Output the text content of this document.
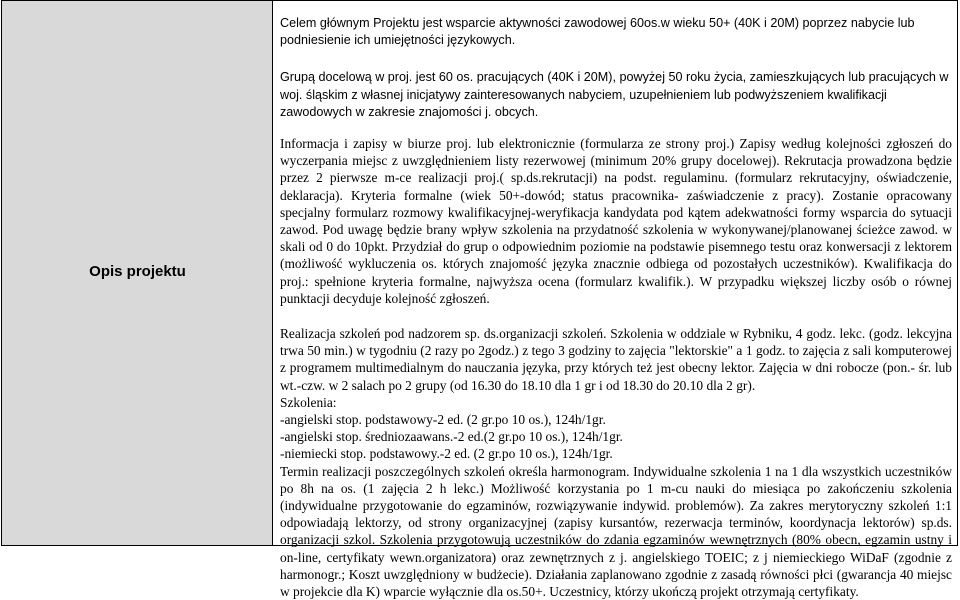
Opis projektu

Celem głównym Projektu jest wsparcie aktywności zawodowej 60os.w wieku 50+ (40K i 20M) poprzez nabycie lub podniesienie ich umiejętności językowych.

Grupą docelową w proj. jest 60 os. pracujących (40K i 20M), powyżej 50 roku życia, zamieszkujących lub pracujących w woj. śląskim z własnej inicjatywy zainteresowanych nabyciem, uzupełnieniem lub podwyższeniem kwalifikacji zawodowych w zakresie znajomości j. obcych.

Informacja i zapisy w biurze proj. lub elektronicznie (formularza ze strony proj.) Zapisy według kolejności zgłoszeń do wyczerpania miejsc z uwzględnieniem listy rezerwowej (minimum 20% grupy docelowej). Rekrutacja prowadzona będzie przez 2 pierwsze m-ce realizacji proj.( sp.ds.rekrutacji) na podst. regulaminu. (formularz rekrutacyjny, oświadczenie, deklaracja). Kryteria formalne (wiek 50+-dowód; status pracownika- zaświadczenie z pracy). Zostanie opracowany specjalny formularz rozmowy kwalifikacyjnej-weryfikacja kandydata pod kątem adekwatności formy wsparcia do sytuacji zawod. Pod uwagę będzie brany wpływ szkolenia na przydatność szkolenia w wykonywanej/planowanej ścieżce zawod. w skali od 0 do 10pkt. Przydział do grup o odpowiednim poziomie na podstawie pisemnego testu oraz konwersacji z lektorem (możliwość wykluczenia os. których znajomość języka znacznie odbiega od pozostałych uczestników). Kwalifikacja do proj.: spełnione kryteria formalne, najwyższa ocena (formularz kwalifik.). W przypadku większej liczby osób o równej punktacji decyduje kolejność zgłoszeń.

Realizacja szkoleń pod nadzorem sp. ds.organizacji szkoleń. Szkolenia w oddziale w Rybniku, 4 godz. lekc. (godz. lekcyjna trwa 50 min.) w tygodniu (2 razy po 2godz.) z tego 3 godziny to zajęcia "lektorskie" a 1 godz. to zajęcia z sali komputerowej z programem multimedialnym do nauczania języka, przy których też jest obecny lektor. Zajęcia w dni robocze (pon.- śr. lub wt.-czw. w 2 salach po 2 grupy (od 16.30 do 18.10 dla 1 gr i od 18.30 do 20.10 dla 2 gr).
Szkolenia:
-angielski stop. podstawowy-2 ed. (2 gr.po 10 os.), 124h/1gr.
-angielski stop. średniozaawans.-2 ed.(2 gr.po 10 os.), 124h/1gr.
-niemiecki stop. podstawowy.-2 ed. (2 gr.po 10 os.), 124h/1gr.
Termin realizacji poszczególnych szkoleń określa harmonogram. Indywidualne szkolenia 1 na 1 dla wszystkich uczestników po 8h na os. (1 zajęcia 2 h lekc.) Możliwość korzystania po 1 m-cu nauki do miesiąca po zakończeniu szkolenia (indywidualne przygotowanie do egzaminów, rozwiązywanie indywid. problemów). Za zakres merytoryczny szkoleń 1:1 odpowiadają lektorzy, od strony organizacyjnej (zapisy kursantów, rezerwacja terminów, koordynacja lektorów) sp.ds. organizacji szkol. Szkolenia przygotowują uczestników do zdania egzaminów wewnętrznych (80% obecn, egzamin ustny i on-line, certyfikaty wewn.organizatora) oraz zewnętrznych z j. angielskiego TOEIC; z j niemieckiego WiDaF (zgodnie z harmonogr.; Koszt uwzględniony w budżecie). Działania zaplanowano zgodnie z zasadą równości płci (gwarancja 40 miejsc w projekcie dla K) wparcie wyłącznie dla os.50+. Uczestnicy, którzy ukończą projekt otrzymają certyfikaty.
